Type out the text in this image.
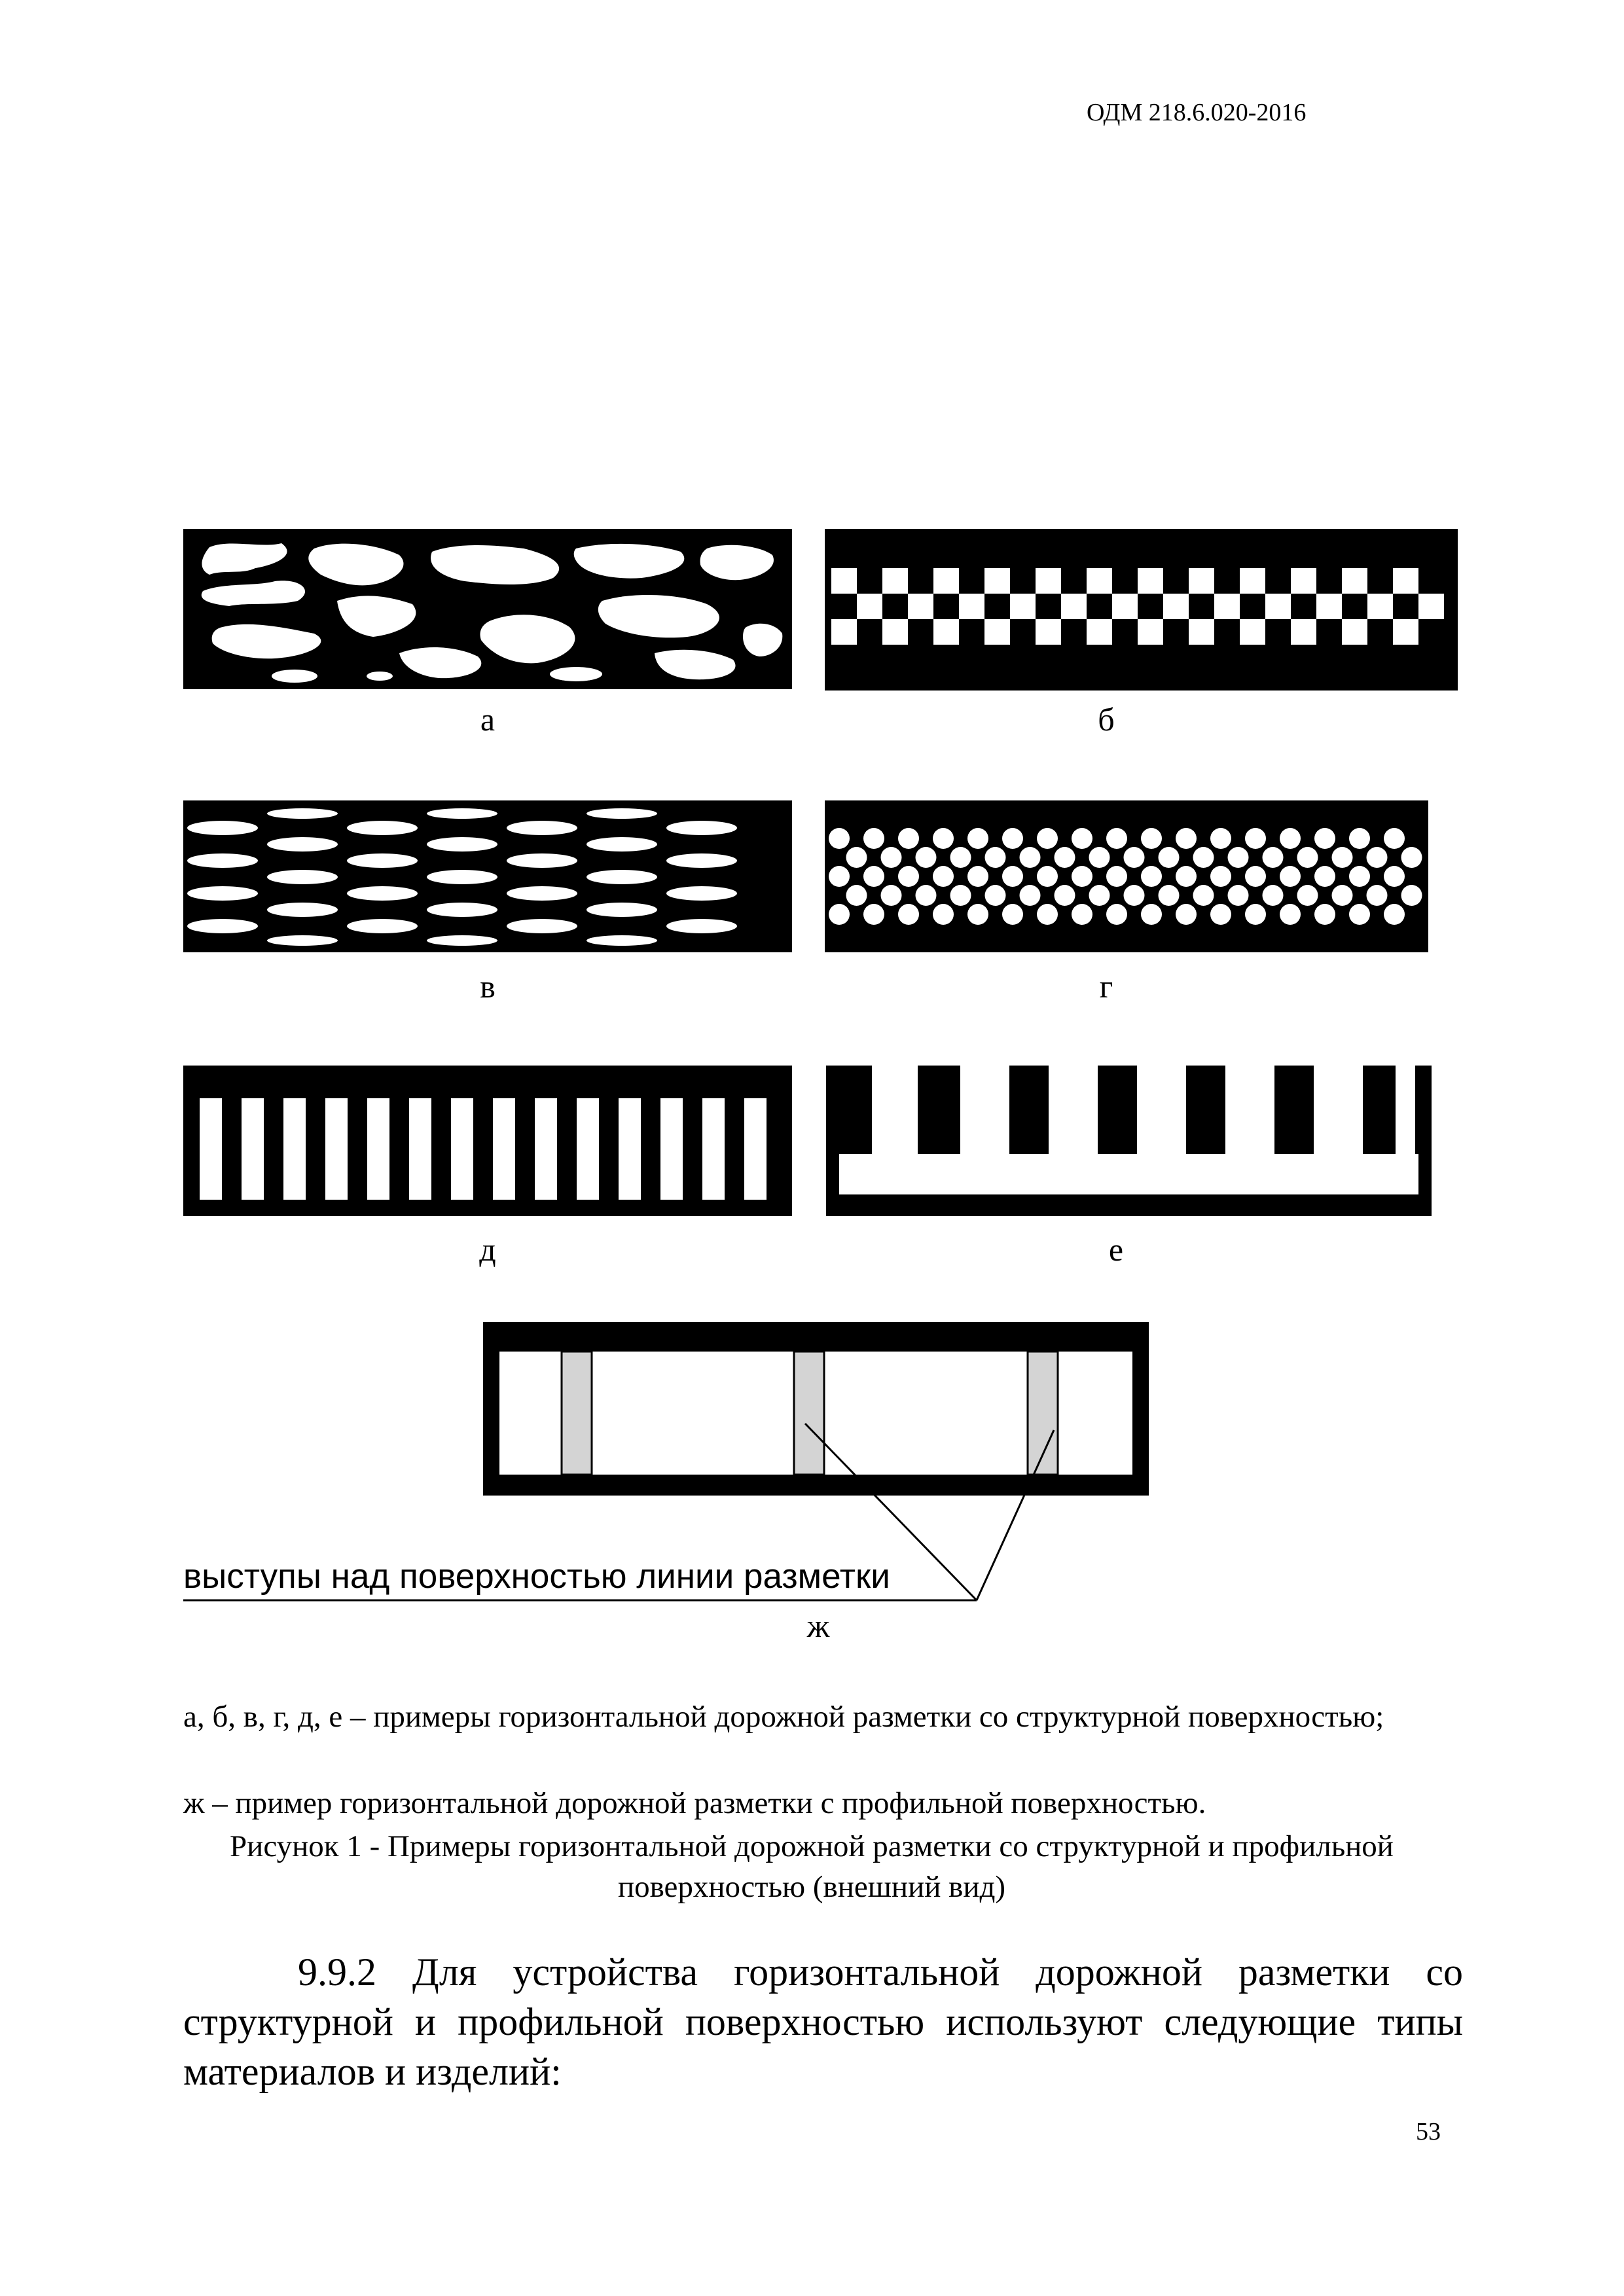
ОДМ 218.6.020-2016
а	б
в	г
д	е
выступы над поверхностью линии разметки
ж
а, б, в, г, д, е – примеры горизонтальной дорожной разметки со структурной поверхностью;
ж – пример горизонтальной дорожной разметки с профильной поверхностью.
Рисунок 1 - Примеры горизонтальной дорожной разметки со структурной и профильной
поверхностью (внешний вид)
9.9.2 Для устройства горизонтальной дорожной разметки со структурной и профильной поверхностью используют следующие типы материалов и изделий:
53
